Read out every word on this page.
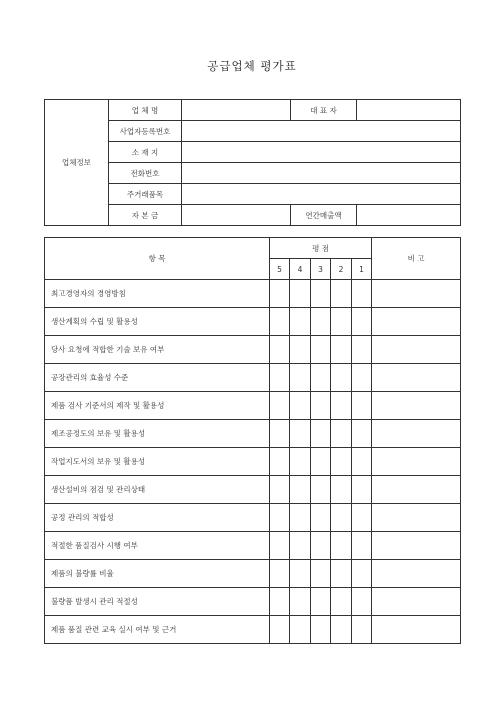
공급업체 평가표
업체정보	업 체 명		대 표 자	
	사업자등록번호			
	소 재 지			
	전화번호			
	주거래품목			
	자 본 금		연간매출액	
항 목	평 점					비 고
	5	4	3	2	1	
최고경영자의 경영방침						
생산계획의 수립 및 활용성						
당사 요청에 적합한 기술 보유 여부						
공장관리의 효율성 수준						
제품 검사 기준서의 제작 및 활용성						
제조공정도의 보유 및 활용성						
작업지도서의 보유 및 활용성						
생산설비의 점검 및 관리상태						
공정 관리의 적합성						
적절한 품질검사 시행 여부						
제품의 불량률 비율						
불량품 발생시 관리 적절성						
제품 품질 관련 교육 실시 여부 및 근거						
